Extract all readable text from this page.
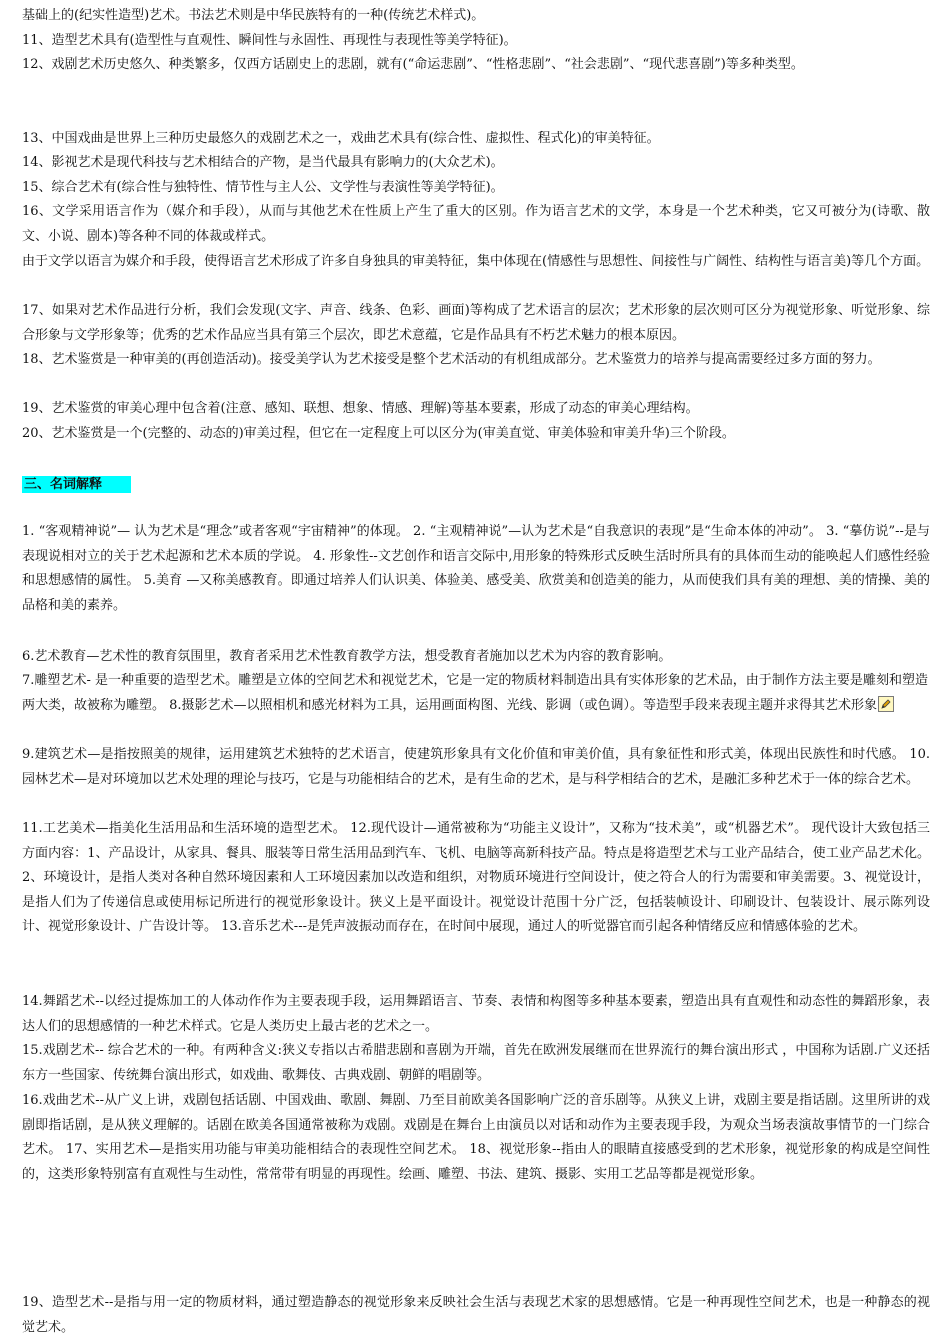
基础上的(纪实性造型)艺术。书法艺术则是中华民族特有的一种(传统艺术样式)。

11、造型艺术具有(造型性与直观性、瞬间性与永固性、再现性与表现性等美学特征)。

12、戏剧艺术历史悠久、种类繁多，仅西方话剧史上的悲剧，就有(“命运悲剧”、“性格悲剧”、“社会悲剧”、“现代悲喜剧”)等多种类型。

13、中国戏曲是世界上三种历史最悠久的戏剧艺术之一，戏曲艺术具有(综合性、虚拟性、程式化)的审美特征。

14、影视艺术是现代科技与艺术相结合的产物，是当代最具有影响力的(大众艺术)。

15、综合艺术有(综合性与独特性、情节性与主人公、文学性与表演性等美学特征)。

16、文学采用语言作为（媒介和手段），从而与其他艺术在性质上产生了重大的区别。作为语言艺术的文学，本身是一个艺术种类，它又可被分为(诗歌、散文、小说、剧本)等各种不同的体裁或样式。

由于文学以语言为媒介和手段，使得语言艺术形成了许多自身独具的审美特征，集中体现在(情感性与思想性、间接性与广阔性、结构性与语言美)等几个方面。

17、如果对艺术作品进行分析，我们会发现(文字、声音、线条、色彩、画面)等构成了艺术语言的层次；艺术形象的层次则可区分为视觉形象、听觉形象、综合形象与文学形象等；优秀的艺术作品应当具有第三个层次，即艺术意蕴，它是作品具有不朽艺术魅力的根本原因。

18、艺术鉴赏是一种审美的(再创造活动)。接受美学认为艺术接受是整个艺术活动的有机组成部分。艺术鉴赏力的培养与提高需要经过多方面的努力。

19、艺术鉴赏的审美心理中包含着(注意、感知、联想、想象、情感、理解)等基本要素，形成了动态的审美心理结构。

20、艺术鉴赏是一个(完整的、动态的)审美过程，但它在一定程度上可以区分为(审美直觉、审美体验和审美升华)三个阶段。

三、名词解释

1. “客观精神说”— 认为艺术是“理念”或者客观“宇宙精神”的体现。 2. “主观精神说”—认为艺术是“自我意识的表现”是“生命本体的冲动”。 3. “摹仿说”--是与表现说相对立的关于艺术起源和艺术本质的学说。 4. 形象性--文艺创作和语言交际中,用形象的特殊形式反映生活时所具有的具体而生动的能唤起人们感性经验和思想感情的属性。 5.美育 —又称美感教育。即通过培养人们认识美、体验美、感受美、欣赏美和创造美的能力，从而使我们具有美的理想、美的情操、美的品格和美的素养。

6.艺术教育—艺术性的教育氛围里，教育者采用艺术性教育教学方法，想受教育者施加以艺术为内容的教育影响。

7.雕塑艺术- 是一种重要的造型艺术。雕塑是立体的空间艺术和视觉艺术，它是一定的物质材料制造出具有实体形象的艺术品，由于制作方法主要是雕刻和塑造两大类，故被称为雕塑。 8.摄影艺术—以照相机和感光材料为工具，运用画面构图、光线、影调（或色调）。等造型手段来表现主题并求得其艺术形象

9.建筑艺术—是指按照美的规律，运用建筑艺术独特的艺术语言，使建筑形象具有文化价值和审美价值，具有象征性和形式美，体现出民族性和时代感。 10.园林艺术—是对环境加以艺术处理的理论与技巧，它是与功能相结合的艺术，是有生命的艺术，是与科学相结合的艺术，是融汇多种艺术于一体的综合艺术。

11.工艺美术—指美化生活用品和生活环境的造型艺术。 12.现代设计—通常被称为“功能主义设计”，又称为“技术美”，或“机器艺术”。 现代设计大致包括三方面内容：1、产品设计，从家具、餐具、服装等日常生活用品到汽车、飞机、电脑等高新科技产品。特点是将造型艺术与工业产品结合，使工业产品艺术化。2、环境设计，是指人类对各种自然环境因素和人工环境因素加以改造和组织，对物质环境进行空间设计，使之符合人的行为需要和审美需要。3、视觉设计，是指人们为了传递信息或使用标记所进行的视觉形象设计。狭义上是平面设计。视觉设计范围十分广泛，包括装帧设计、印刷设计、包装设计、展示陈列设计、视觉形象设计、广告设计等。 13.音乐艺术---是凭声波振动而存在，在时间中展现，通过人的听觉器官而引起各种情绪反应和情感体验的艺术。

14.舞蹈艺术--以经过提炼加工的人体动作作为主要表现手段，运用舞蹈语言、节奏、表情和构图等多种基本要素，塑造出具有直观性和动态性的舞蹈形象，表达人们的思想感情的一种艺术样式。它是人类历史上最古老的艺术之一。

15.戏剧艺术-- 综合艺术的一种。有两种含义:狭义专指以古希腊悲剧和喜剧为开端，首先在欧洲发展继而在世界流行的舞台演出形式 ，中国称为话剧.广义还括东方一些国家、传统舞台演出形式，如戏曲、歌舞伎、古典戏剧、朝鲜的唱剧等。

16.戏曲艺术--从广义上讲，戏剧包括话剧、中国戏曲、歌剧、舞剧、乃至目前欧美各国影响广泛的音乐剧等。从狭义上讲，戏剧主要是指话剧。这里所讲的戏剧即指话剧，是从狭义理解的。话剧在欧美各国通常被称为戏剧。戏剧是在舞台上由演员以对话和动作为主要表现手段，为观众当场表演故事情节的一门综合艺术。 17、实用艺术—是指实用功能与审美功能相结合的表现性空间艺术。 18、视觉形象--指由人的眼睛直接感受到的艺术形象，视觉形象的构成是空间性的，这类形象特别富有直观性与生动性，常常带有明显的再现性。绘画、雕塑、书法、建筑、摄影、实用工艺品等都是视觉形象。

19、造型艺术--是指与用一定的物质材料，通过塑造静态的视觉形象来反映社会生活与表现艺术家的思想感情。它是一种再现性空间艺术，也是一种静态的视觉艺术。
